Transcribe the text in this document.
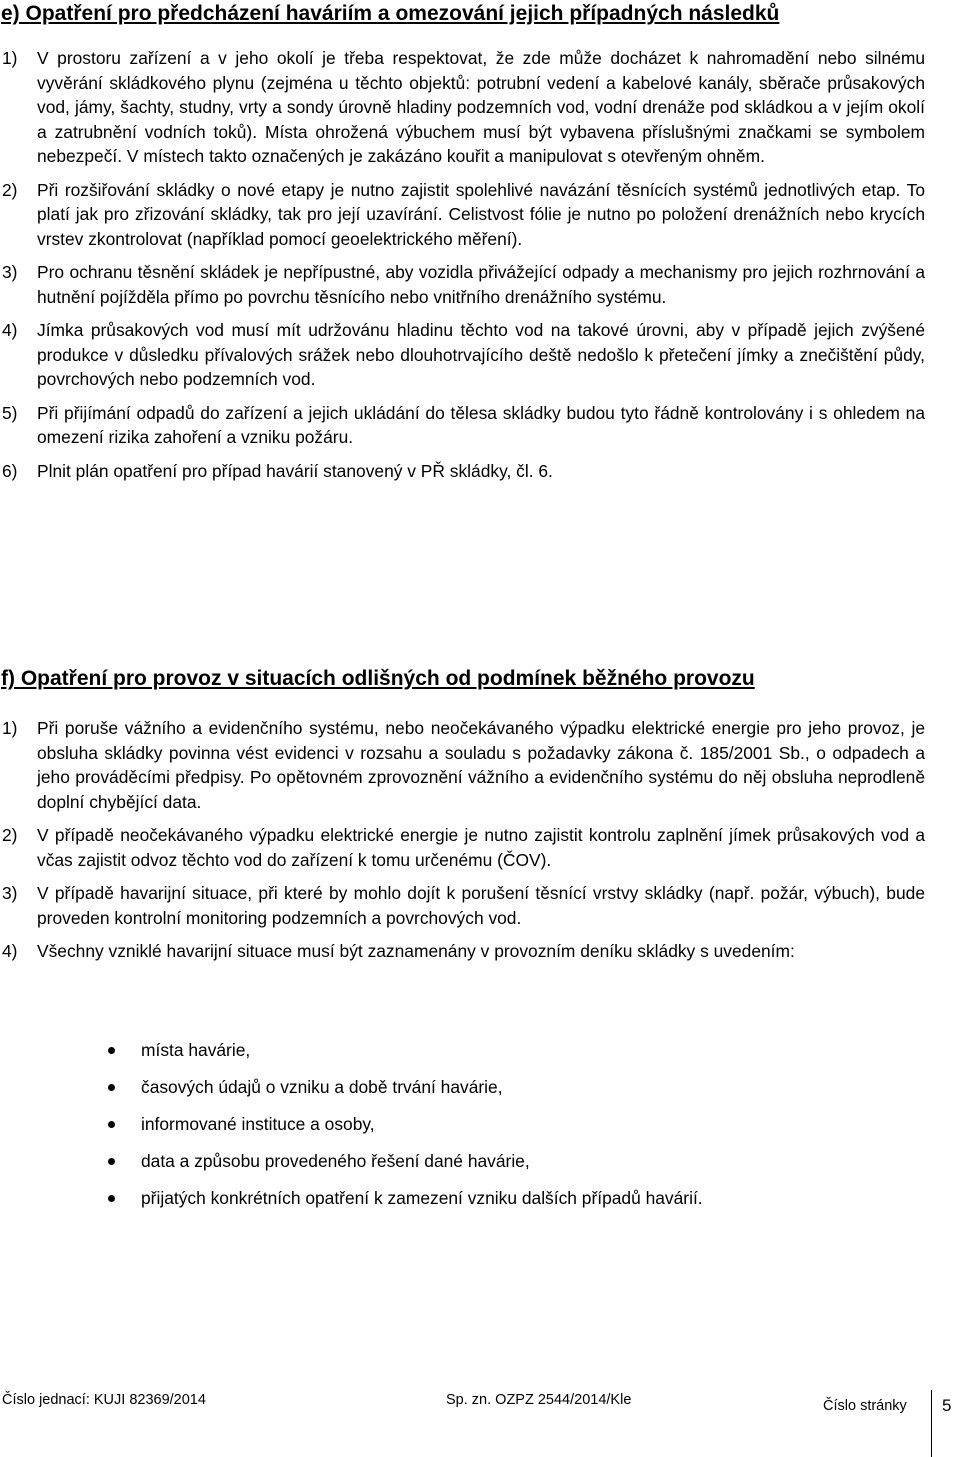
e) Opatření pro předcházení haváriím a omezování jejich případných následků
1) V prostoru zařízení a v jeho okolí je třeba respektovat, že zde může docházet k nahromadění nebo silnému vyvěrání skládkového plynu (zejména u těchto objektů: potrubní vedení a kabelové kanály, sběrače průsakových vod, jámy, šachty, studny, vrty a sondy úrovně hladiny podzemních vod, vodní drenáže pod skládkou a v jejím okolí a zatrubnění vodních toků). Místa ohrožená výbuchem musí být vybavena příslušnými značkami se symbolem nebezpečí. V místech takto označených je zakázáno kouřit a manipulovat s otevřeným ohněm.
2) Při rozšiřování skládky o nové etapy je nutno zajistit spolehlivé navázání těsnících systémů jednotlivých etap. To platí jak pro zřizování skládky, tak pro její uzavírání. Celistvost fólie je nutno po položení drenážních nebo krycích vrstev zkontrolovat (například pomocí geoelektrického měření).
3) Pro ochranu těsnění skládek je nepřípustné, aby vozidla přivážející odpady a mechanismy pro jejich rozhrnování a hutnění pojížděla přímo po povrchu těsnícího nebo vnitřního drenážního systému.
4) Jímka průsakových vod musí mít udržovánu hladinu těchto vod na takové úrovni, aby v případě jejich zvýšené produkce v důsledku přívalových srážek nebo dlouhotrvajícího deště nedošlo k přetečení jímky a znečištění půdy, povrchových nebo podzemních vod.
5) Při přijímání odpadů do zařízení a jejich ukládání do tělesa skládky budou tyto řádně kontrolovány i s ohledem na omezení rizika zahoření a vzniku požáru.
6) Plnit plán opatření pro případ havárií stanovený v PŘ skládky, čl. 6.
f) Opatření pro provoz v situacích odlišných od podmínek běžného provozu
1) Při poruše vážního a evidenčního systému, nebo neočekávaného výpadku elektrické energie pro jeho provoz, je obsluha skládky povinna vést evidenci v rozsahu a souladu s požadavky zákona č. 185/2001 Sb., o odpadech a jeho prováděcími předpisy. Po opětovném zprovoznění vážního a evidenčního systému do něj obsluha neprodleně doplní chybějící data.
2) V případě neočekávaného výpadku elektrické energie je nutno zajistit kontrolu zaplnění jímek průsakových vod a včas zajistit odvoz těchto vod do zařízení k tomu určenému (ČOV).
3) V případě havarijní situace, při které by mohlo dojít k porušení těsnící vrstvy skládky (např. požár, výbuch), bude proveden kontrolní monitoring podzemních a povrchových vod.
4) Všechny vzniklé havarijní situace musí být zaznamenány v provozním deníku skládky s uvedením:
místa havárie,
časových údajů o vzniku a době trvání havárie,
informované instituce a osoby,
data a způsobu provedeného řešení dané havárie,
přijatých konkrétních opatření k zamezení vzniku dalších případů havárií.
Číslo jednací: KUJI 82369/2014	Sp. zn. OZPZ 2544/2014/Kle	Číslo stránky 5
